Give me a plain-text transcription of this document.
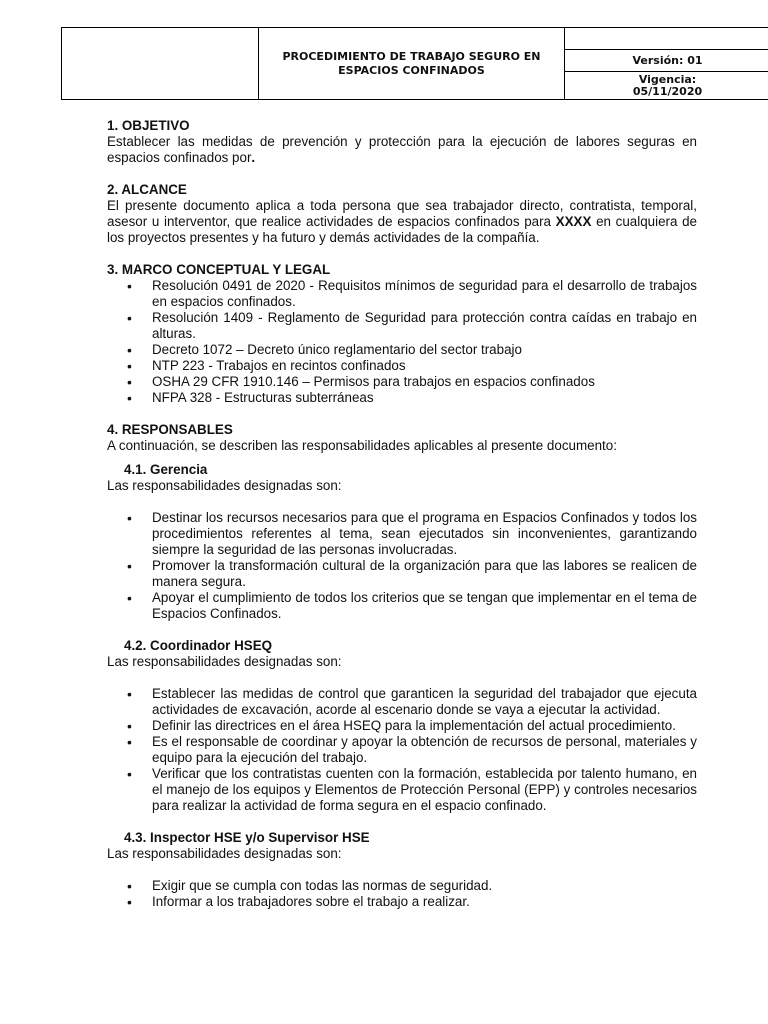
PROCEDIMIENTO DE TRABAJO SEGURO EN
ESPACIOS CONFINADOS
Versión: 01
Vigencia:
05/11/2020
1. OBJETIVO

Establecer las medidas de prevención y protección para la ejecución de labores seguras en espacios confinados por.

2. ALCANCE

El presente documento aplica a toda persona que sea trabajador directo, contratista, temporal, asesor u interventor, que realice actividades de espacios confinados para XXXX en cualquiera de los proyectos presentes y ha futuro y demás actividades de la compañía.

3. MARCO CONCEPTUAL Y LEGAL
• Resolución 0491 de 2020 - Requisitos mínimos de seguridad para el desarrollo de trabajos en espacios confinados.
• Resolución 1409 - Reglamento de Seguridad para protección contra caídas en trabajo en alturas.
• Decreto 1072 – Decreto único reglamentario del sector trabajo
• NTP 223 - Trabajos en recintos confinados
• OSHA 29 CFR 1910.146 – Permisos para trabajos en espacios confinados
• NFPA 328 - Estructuras subterráneas
4. RESPONSABLES

A continuación, se describen las responsabilidades aplicables al presente documento:

4.1. Gerencia

Las responsabilidades designadas son:

• Destinar los recursos necesarios para que el programa en Espacios Confinados y todos los procedimientos referentes al tema, sean ejecutados sin inconvenientes, garantizando siempre la seguridad de las personas involucradas.
• Promover la transformación cultural de la organización para que las labores se realicen de manera segura.
• Apoyar el cumplimiento de todos los criterios que se tengan que implementar en el tema de Espacios Confinados.
4.2. Coordinador HSEQ

Las responsabilidades designadas son:

• Establecer las medidas de control que garanticen la seguridad del trabajador que ejecuta actividades de excavación, acorde al escenario donde se vaya a ejecutar la actividad.
• Definir las directrices en el área HSEQ para la implementación del actual procedimiento.
• Es el responsable de coordinar y apoyar la obtención de recursos de personal, materiales y equipo para la ejecución del trabajo.
• Verificar que los contratistas cuenten con la formación, establecida por talento humano, en el manejo de los equipos y Elementos de Protección Personal (EPP) y controles necesarios para realizar la actividad de forma segura en el espacio confinado.
4.3. Inspector HSE y/o Supervisor HSE

Las responsabilidades designadas son:

• Exigir que se cumpla con todas las normas de seguridad.
• Informar a los trabajadores sobre el trabajo a realizar.
